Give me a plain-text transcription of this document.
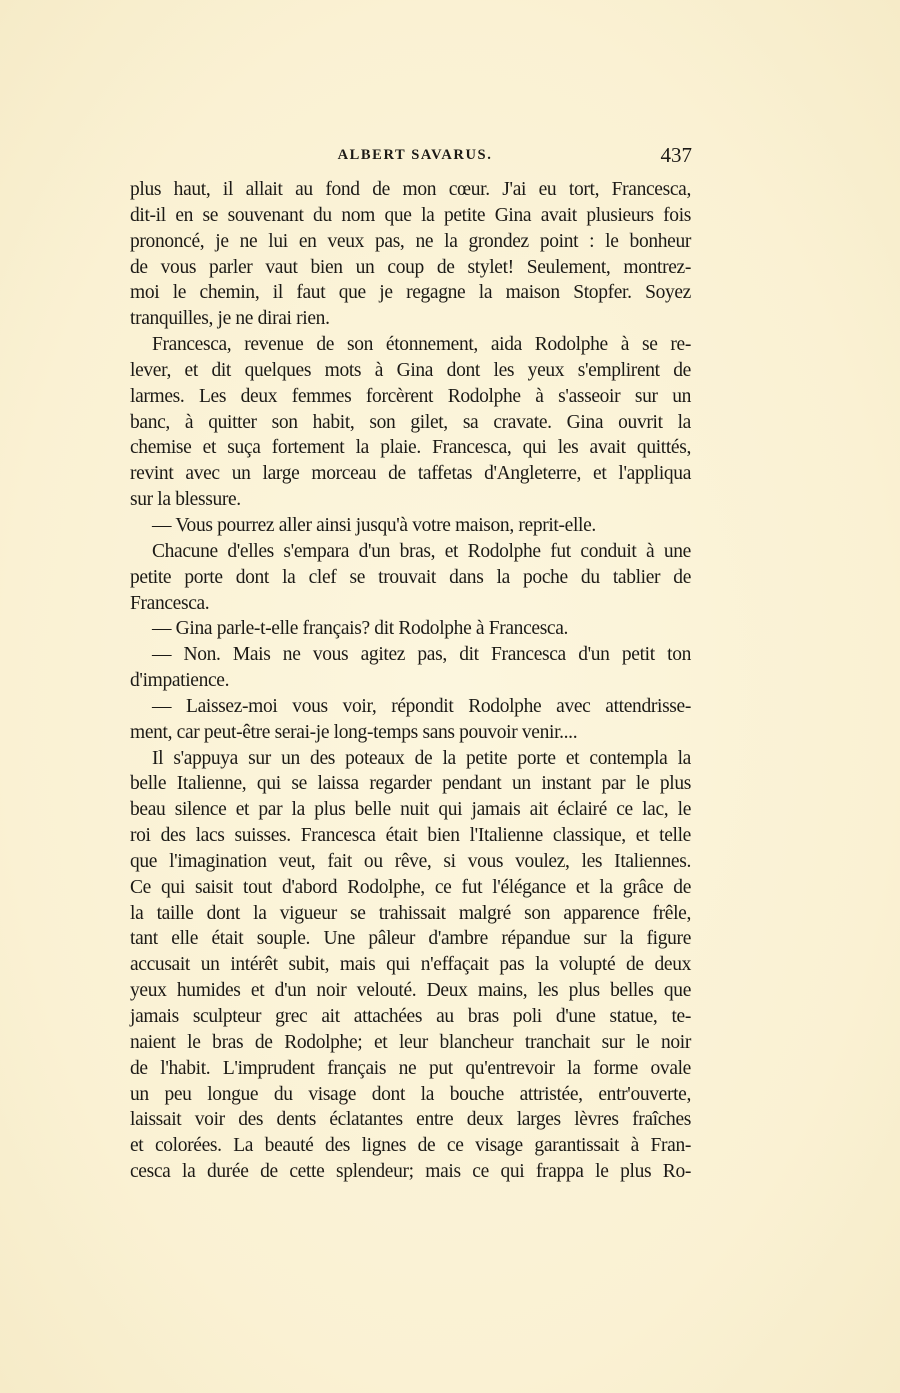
ALBERT SAVARUS.	437
plus haut, il allait au fond de mon cœur. J'ai eu tort, Francesca,
dit-il en se souvenant du nom que la petite Gina avait plusieurs fois
prononcé, je ne lui en veux pas, ne la grondez point : le bonheur
de vous parler vaut bien un coup de stylet! Seulement, montrez-
moi le chemin, il faut que je regagne la maison Stopfer. Soyez
tranquilles, je ne dirai rien.
Francesca, revenue de son étonnement, aida Rodolphe à se re-
lever, et dit quelques mots à Gina dont les yeux s'emplirent de
larmes. Les deux femmes forcèrent Rodolphe à s'asseoir sur un
banc, à quitter son habit, son gilet, sa cravate. Gina ouvrit la
chemise et suça fortement la plaie. Francesca, qui les avait quittés,
revint avec un large morceau de taffetas d'Angleterre, et l'appliqua
sur la blessure.
— Vous pourrez aller ainsi jusqu'à votre maison, reprit-elle.
Chacune d'elles s'empara d'un bras, et Rodolphe fut conduit à une
petite porte dont la clef se trouvait dans la poche du tablier de
Francesca.
— Gina parle-t-elle français? dit Rodolphe à Francesca.
— Non. Mais ne vous agitez pas, dit Francesca d'un petit ton
d'impatience.
— Laissez-moi vous voir, répondit Rodolphe avec attendrisse-
ment, car peut-être serai-je long-temps sans pouvoir venir....
Il s'appuya sur un des poteaux de la petite porte et contempla la
belle Italienne, qui se laissa regarder pendant un instant par le plus
beau silence et par la plus belle nuit qui jamais ait éclairé ce lac, le
roi des lacs suisses. Francesca était bien l'Italienne classique, et telle
que l'imagination veut, fait ou rêve, si vous voulez, les Italiennes.
Ce qui saisit tout d'abord Rodolphe, ce fut l'élégance et la grâce de
la taille dont la vigueur se trahissait malgré son apparence frêle,
tant elle était souple. Une pâleur d'ambre répandue sur la figure
accusait un intérêt subit, mais qui n'effaçait pas la volupté de deux
yeux humides et d'un noir velouté. Deux mains, les plus belles que
jamais sculpteur grec ait attachées au bras poli d'une statue, te-
naient le bras de Rodolphe; et leur blancheur tranchait sur le noir
de l'habit. L'imprudent français ne put qu'entrevoir la forme ovale
un peu longue du visage dont la bouche attristée, entr'ouverte,
laissait voir des dents éclatantes entre deux larges lèvres fraîches
et colorées. La beauté des lignes de ce visage garantissait à Fran-
cesca la durée de cette splendeur; mais ce qui frappa le plus Ro-
